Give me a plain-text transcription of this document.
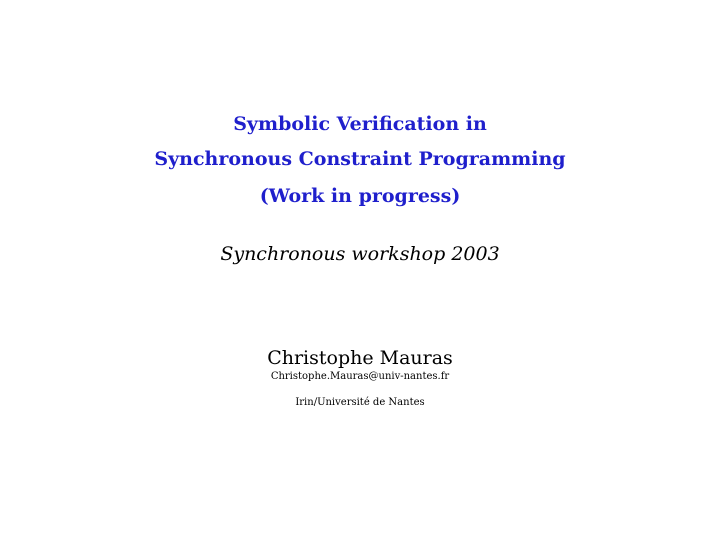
Symbolic Verification in
Synchronous Constraint Programming
(Work in progress)
Synchronous workshop 2003
Christophe Mauras
Christophe.Mauras@univ-nantes.fr
Irin/Université de Nantes
